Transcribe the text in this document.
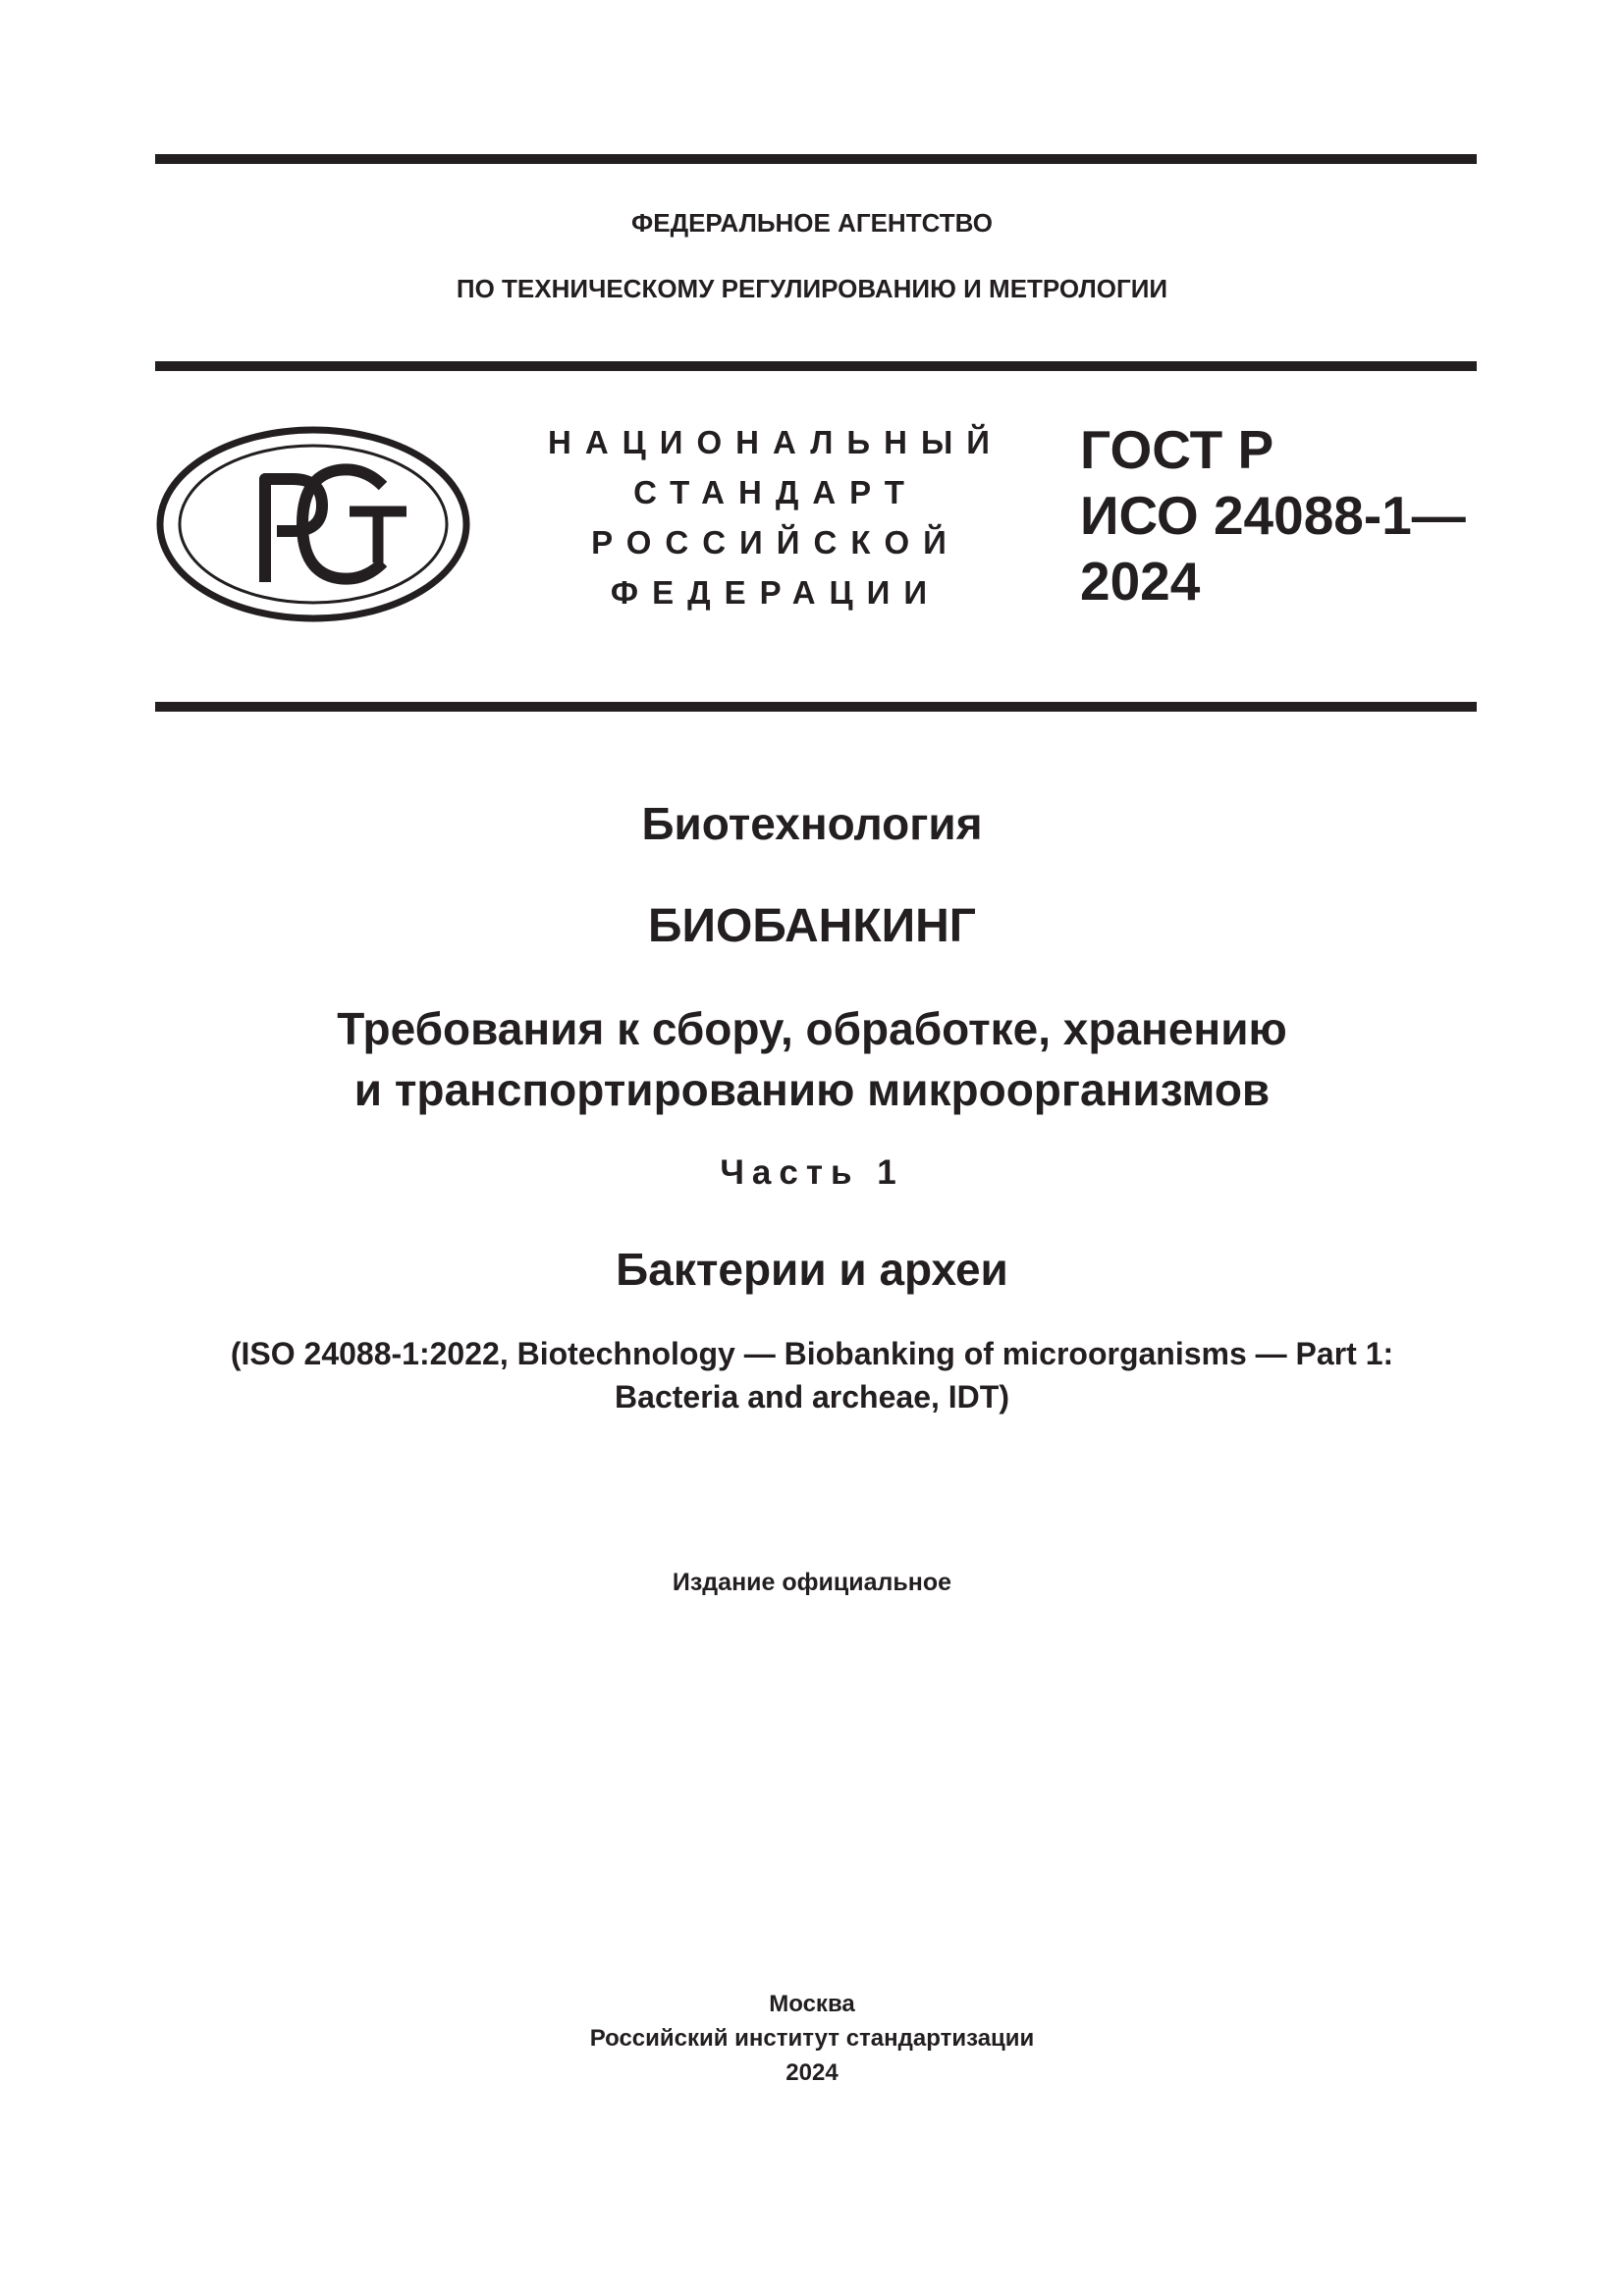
ФЕДЕРАЛЬНОЕ АГЕНТСТВО
ПО ТЕХНИЧЕСКОМУ РЕГУЛИРОВАНИЮ И МЕТРОЛОГИИ
НАЦИОНАЛЬНЫЙ
СТАНДАРТ
РОССИЙСКОЙ
ФЕДЕРАЦИИ
ГОСТ Р
ИСО 24088-1—
2024
Биотехнология
БИОБАНКИНГ
Требования к сбору, обработке, хранению
и транспортированию микроорганизмов
Часть 1
Бактерии и археи
(ISO 24088-1:2022, Biotechnology — Biobanking of microorganisms — Part 1:
Bacteria and archeae, IDT)
Издание официальное
Москва
Российский институт стандартизации
2024
